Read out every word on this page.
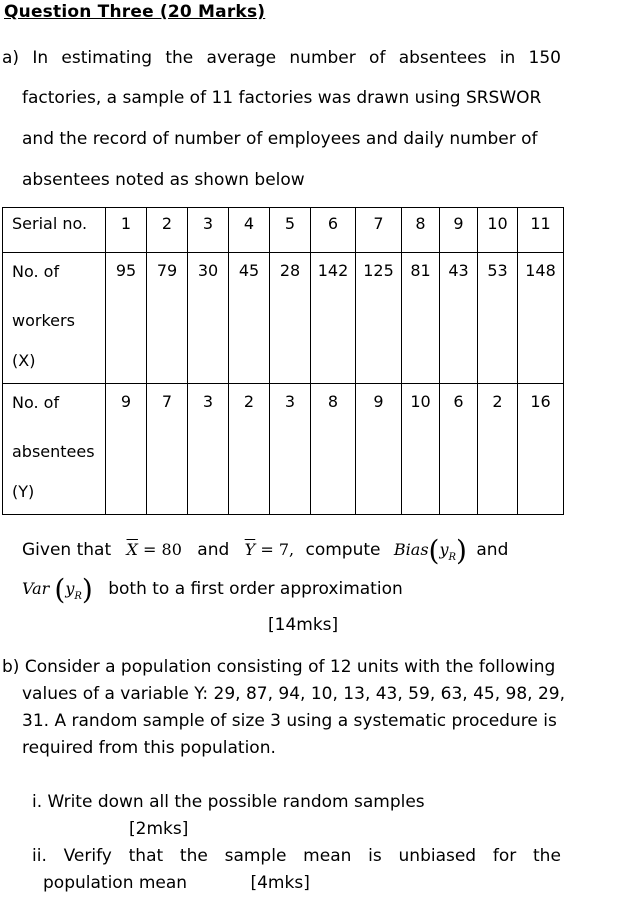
Question Three (20 Marks)
a) In estimating the average number of absentees in 150
factories, a sample of 11 factories was drawn using SRSWOR
and the record of number of employees and daily number of
absentees noted as shown below
Serial no.	1	2	3	4	5	6	7	8	9	10	11

No. of
workers
(X)	95	79	30	45	28	142	125	81	43	53	148

No. of
absentees
(Y)	9	7	3	2	3	8	9	10	6	2	16
Given that $\overline{X} = 80$ and $\overline{Y} = 7$, compute $Bias(y_R)$ and
Var $(y_R)$ both to a first order approximation
[14mks]
b) Consider a population consisting of 12 units with the following
values of a variable Y: 29, 87, 94, 10, 13, 43, 59, 63, 45, 98, 29,
31. A random sample of size 3 using a systematic procedure is
required from this population.
i. Write down all the possible random samples
[2mks]
ii. Verify that the sample mean is unbiased for the
population mean	[4mks]
